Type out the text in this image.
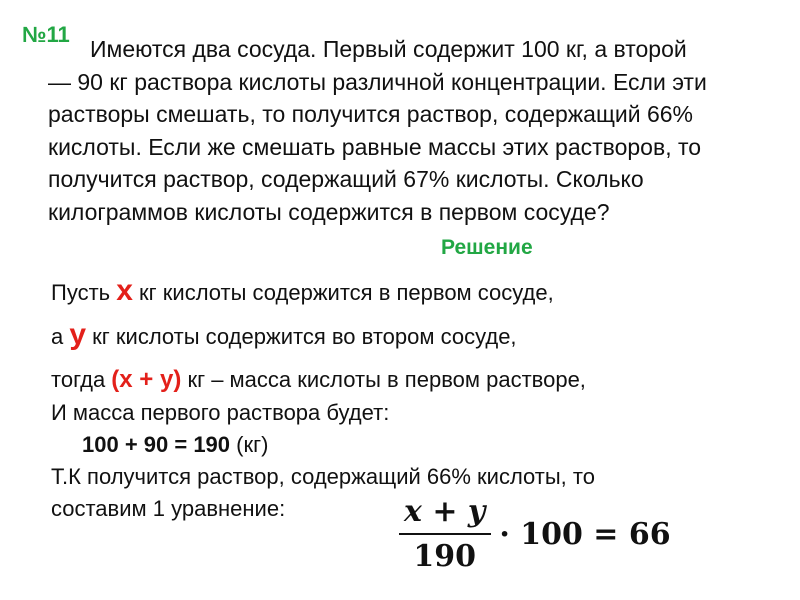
№11
Имеются два сосуда. Первый содержит 100 кг, а второй
— 90 кг раствора кислоты различной концентрации. Если эти растворы смешать, то получится раствор, содержащий 66% кислоты. Если же смешать равные массы этих растворов, то получится раствор, содержащий 67% кислоты. Сколько килограммов кислоты содержится в первом сосуде?
Решение
Пусть x кг кислоты содержится в первом сосуде,
а у кг кислоты содержится во втором сосуде,
тогда (x + y) кг – масса кислоты в первом растворе,
И масса первого раствора будет:
100 + 90 = 190 (кг)
Т.К получится раствор, содержащий 66% кислоты, то
составим 1 уравнение:	$\frac{x + y}{190} \cdot 100 = 66$
